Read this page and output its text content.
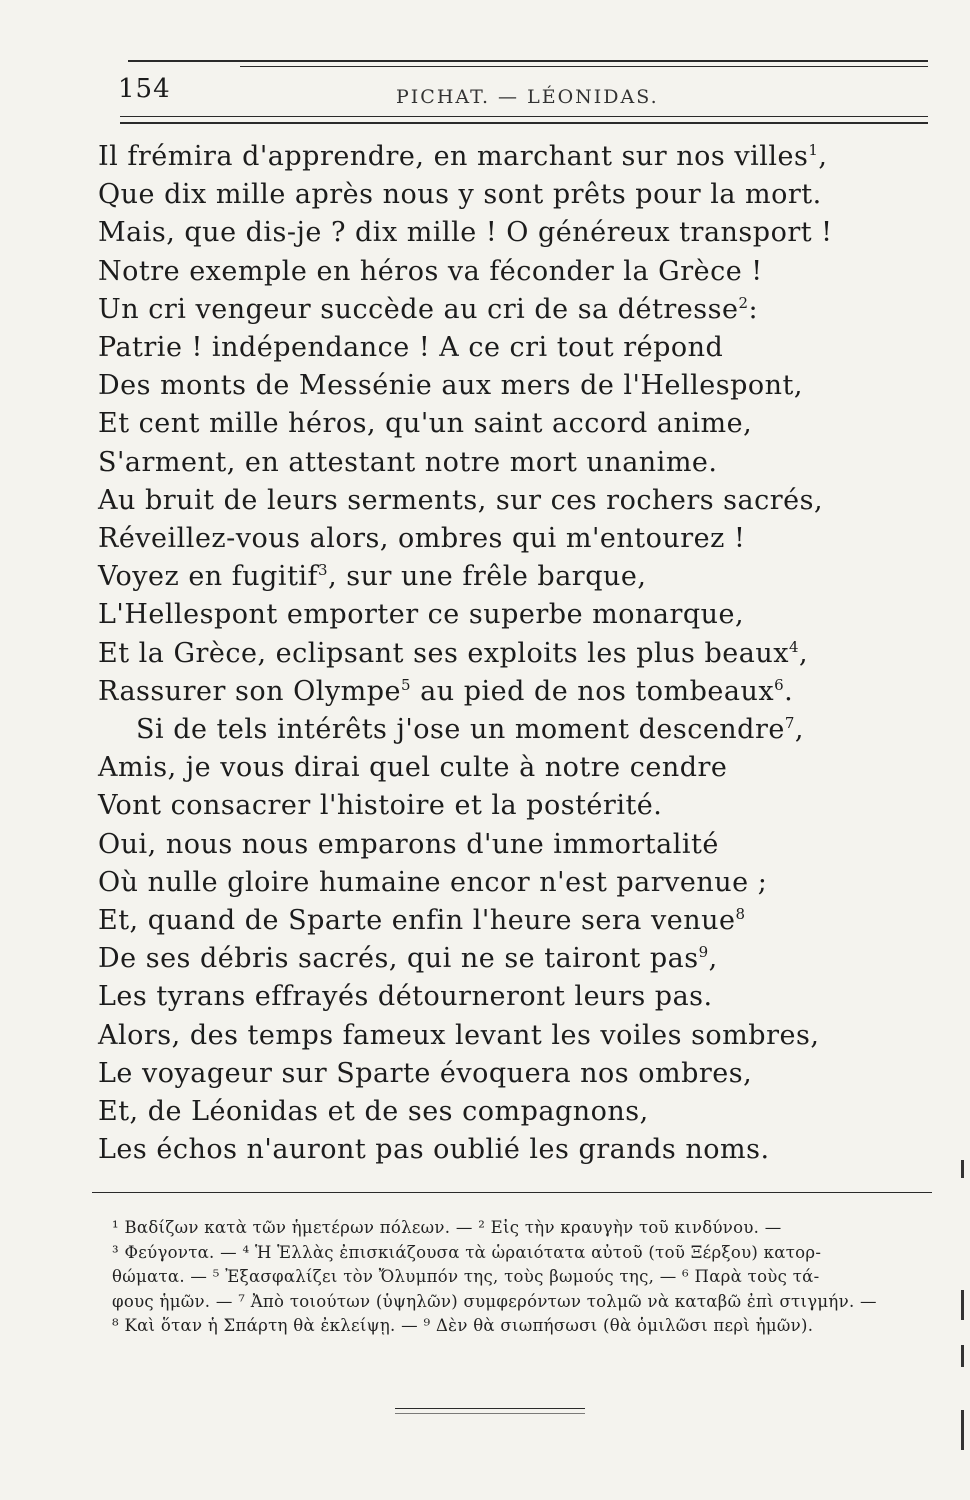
154	PICHAT. — LÉONIDAS.
Il frémira d'apprendre, en marchant sur nos villes$^1$,
Que dix mille après nous y sont prêts pour la mort.
Mais, que dis-je ? dix mille ! O généreux transport !
Notre exemple en héros va féconder la Grèce !
Un cri vengeur succède au cri de sa détresse$^2$:
Patrie ! indépendance ! A ce cri tout répond
Des monts de Messénie aux mers de l'Hellespont,
Et cent mille héros, qu'un saint accord anime,
S'arment, en attestant notre mort unanime.
Au bruit de leurs serments, sur ces rochers sacrés,
Réveillez-vous alors, ombres qui m'entourez !
Voyez en fugitif$^3$, sur une frêle barque,
L'Hellespont emporter ce superbe monarque,
Et la Grèce, eclipsant ses exploits les plus beaux$^4$,
Rassurer son Olympe$^5$ au pied de nos tombeaux$^6$.
Si de tels intérêts j'ose un moment descendre$^7$,
Amis, je vous dirai quel culte à notre cendre
Vont consacrer l'histoire et la postérité.
Oui, nous nous emparons d'une immortalité
Où nulle gloire humaine encor n'est parvenue ;
Et, quand de Sparte enfin l'heure sera venue$^8$
De ses débris sacrés, qui ne se tairont pas$^9$,
Les tyrans effrayés détourneront leurs pas.
Alors, des temps fameux levant les voiles sombres,
Le voyageur sur Sparte évoquera nos ombres,
Et, de Léonidas et de ses compagnons,
Les échos n'auront pas oublié les grands noms.
¹ Βαδίζων κατὰ τῶν ἡμετέρων πόλεων. — ² Εἰς τὴν κραυγὴν τοῦ κινδύνου. —
³ Φεύγοντα. — ⁴ Ἡ Ἑλλὰς ἐπισκιάζουσα τὰ ὡραιότατα αὐτοῦ (τοῦ Ξέρξου) κατορ-
θώματα. — ⁵ Ἐξασφαλίζει τὸν Ὄλυμπόν της, τοὺς βωμούς της, — ⁶ Παρὰ τοὺς τά-
φους ἡμῶν. — ⁷ Ἀπὸ τοιούτων (ὑψηλῶν) συμφερόντων τολμῶ νὰ καταβῶ ἐπὶ στιγμήν. —
⁸ Καὶ ὅταν ἡ Σπάρτη θὰ ἐκλείψῃ. — ⁹ Δὲν θὰ σιωπήσωσι (θὰ ὁμιλῶσι περὶ ἡμῶν).
